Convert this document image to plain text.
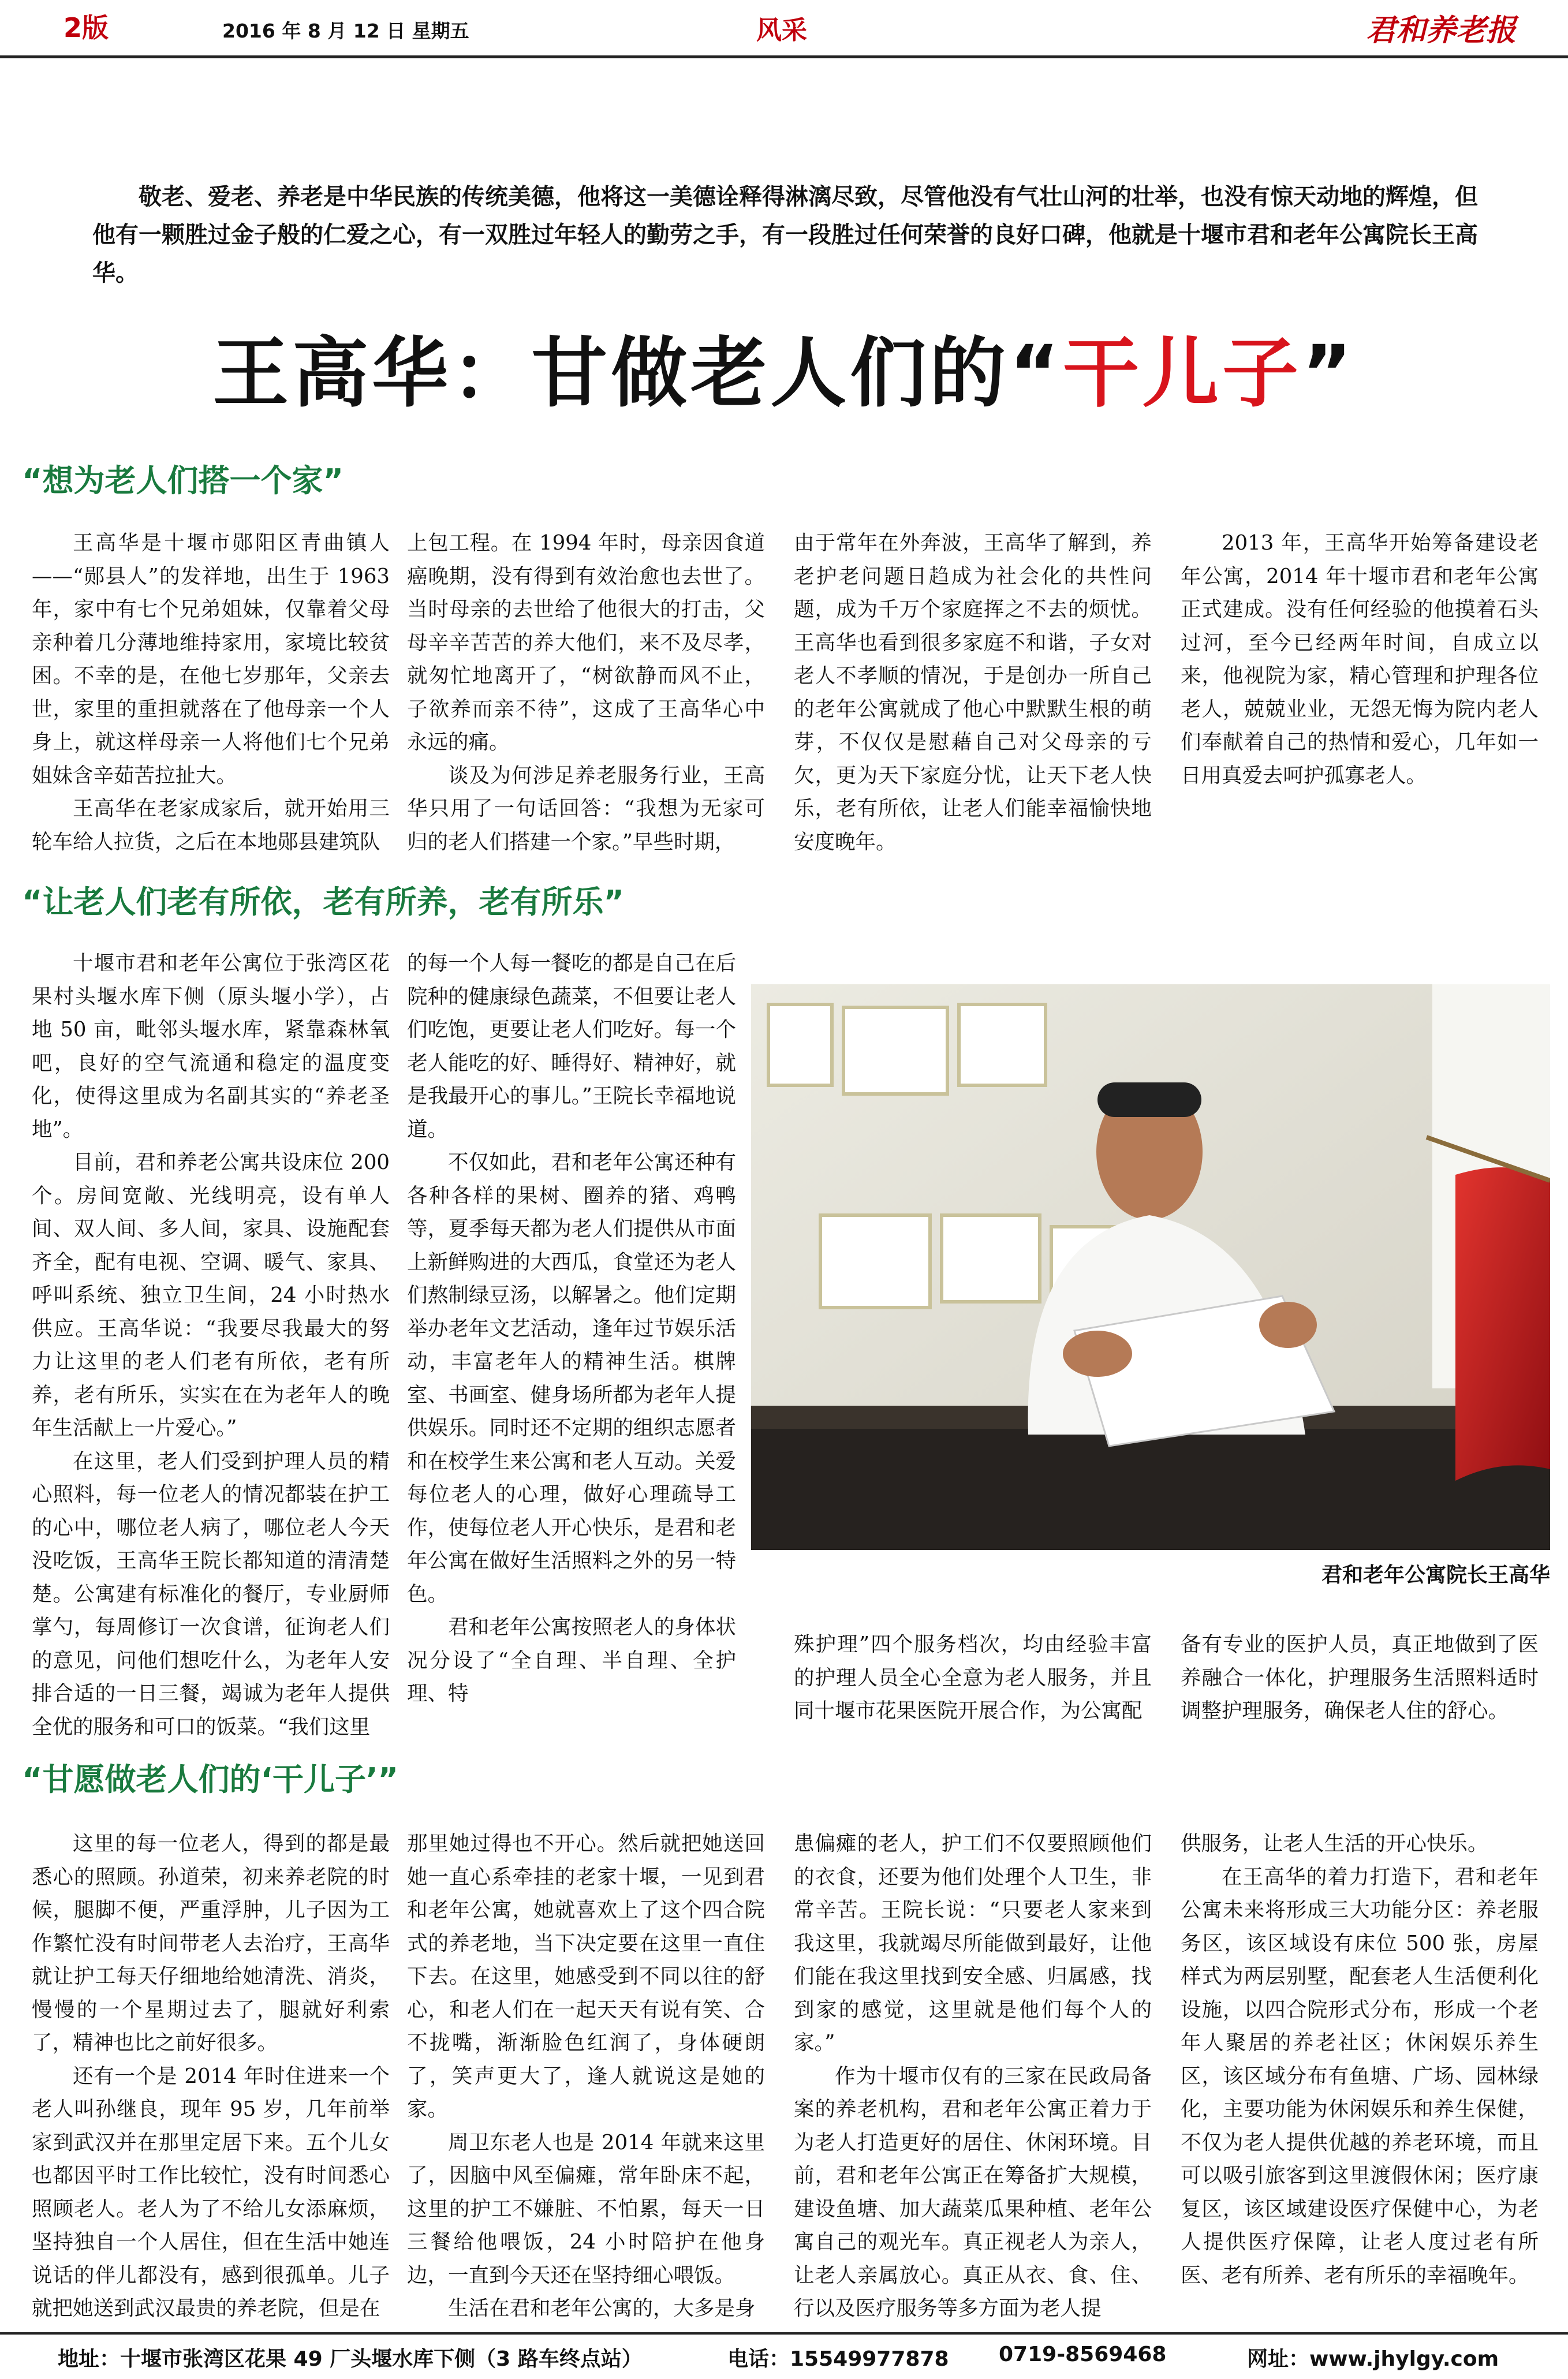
2版	2016 年 8 月 12 日 星期五	风采	君和养老报
敬老、爱老、养老是中华民族的传统美德，他将这一美德诠释得淋漓尽致，尽管他没有气壮山河的壮举，也没有惊天动地的辉煌，但他有一颗胜过金子般的仁爱之心，有一双胜过年轻人的勤劳之手，有一段胜过任何荣誉的良好口碑，他就是十堰市君和老年公寓院长王高华。
王高华：甘做老人们的“干儿子”
“想为老人们搭一个家”

王高华是十堰市郧阳区青曲镇人——“郧县人”的发祥地，出生于 1963 年，家中有七个兄弟姐妹，仅靠着父母亲种着几分薄地维持家用，家境比较贫困。不幸的是，在他七岁那年，父亲去世，家里的重担就落在了他母亲一个人身上，就这样母亲一人将他们七个兄弟姐妹含辛茹苦拉扯大。

王高华在老家成家后，就开始用三轮车给人拉货，之后在本地郧县建筑队

上包工程。在 1994 年时，母亲因食道癌晚期，没有得到有效治愈也去世了。当时母亲的去世给了他很大的打击，父母辛辛苦苦的养大他们，来不及尽孝，就匆忙地离开了，“树欲静而风不止，子欲养而亲不待”，这成了王高华心中永远的痛。

谈及为何涉足养老服务行业，王高华只用了一句话回答：“我想为无家可归的老人们搭建一个家。”早些时期，

由于常年在外奔波，王高华了解到，养老护老问题日趋成为社会化的共性问题，成为千万个家庭挥之不去的烦忧。王高华也看到很多家庭不和谐，子女对老人不孝顺的情况，于是创办一所自己的老年公寓就成了他心中默默生根的萌芽，不仅仅是慰藉自己对父母亲的亏欠，更为天下家庭分忧，让天下老人快乐，老有所依，让老人们能幸福愉快地安度晚年。

2013 年，王高华开始筹备建设老年公寓，2014 年十堰市君和老年公寓正式建成。没有任何经验的他摸着石头过河，至今已经两年时间，自成立以来，他视院为家，精心管理和护理各位老人，兢兢业业，无怨无悔为院内老人们奉献着自己的热情和爱心，几年如一日用真爱去呵护孤寡老人。

“让老人们老有所依，老有所养，老有所乐”

十堰市君和老年公寓位于张湾区花果村头堰水库下侧（原头堰小学），占地 50 亩，毗邻头堰水库，紧靠森林氧吧，良好的空气流通和稳定的温度变化，使得这里成为名副其实的“养老圣地”。

目前，君和养老公寓共设床位 200 个。房间宽敞、光线明亮，设有单人间、双人间、多人间，家具、设施配套齐全，配有电视、空调、暖气、家具、呼叫系统、独立卫生间，24 小时热水供应。王高华说：“我要尽我最大的努力让这里的老人们老有所依，老有所养，老有所乐，实实在在为老年人的晚年生活献上一片爱心。”

在这里，老人们受到护理人员的精心照料，每一位老人的情况都装在护工的心中，哪位老人病了，哪位老人今天没吃饭，王高华王院长都知道的清清楚楚。公寓建有标准化的餐厅，专业厨师掌勺，每周修订一次食谱，征询老人们的意见，问他们想吃什么，为老年人安排合适的一日三餐，竭诚为老年人提供全优的服务和可口的饭菜。“我们这里

的每一个人每一餐吃的都是自己在后院种的健康绿色蔬菜，不但要让老人们吃饱，更要让老人们吃好。每一个老人能吃的好、睡得好、精神好，就是我最开心的事儿。”王院长幸福地说道。

不仅如此，君和老年公寓还种有各种各样的果树、圈养的猪、鸡鸭等，夏季每天都为老人们提供从市面上新鲜购进的大西瓜，食堂还为老人们熬制绿豆汤，以解暑之。他们定期举办老年文艺活动，逢年过节娱乐活动，丰富老年人的精神生活。棋牌室、书画室、健身场所都为老年人提供娱乐。同时还不定期的组织志愿者和在校学生来公寓和老人互动。关爱每位老人的心理，做好心理疏导工作，使每位老人开心快乐，是君和老年公寓在做好生活照料之外的另一特色。

君和老年公寓按照老人的身体状况分设了“全自理、半自理、全护理、特

君和老年公寓院长王高华

殊护理”四个服务档次，均由经验丰富的护理人员全心全意为老人服务，并且同十堰市花果医院开展合作，为公寓配

备有专业的医护人员，真正地做到了医养融合一体化，护理服务生活照料适时调整护理服务，确保老人住的舒心。

“甘愿做老人们的‘干儿子’”

这里的每一位老人，得到的都是最悉心的照顾。孙道荣，初来养老院的时候，腿脚不便，严重浮肿，儿子因为工作繁忙没有时间带老人去治疗，王高华就让护工每天仔细地给她清洗、消炎，慢慢的一个星期过去了，腿就好利索了，精神也比之前好很多。

还有一个是 2014 年时住进来一个老人叫孙继良，现年 95 岁，几年前举家到武汉并在那里定居下来。五个儿女也都因平时工作比较忙，没有时间悉心照顾老人。老人为了不给儿女添麻烦，坚持独自一个人居住，但在生活中她连说话的伴儿都没有，感到很孤单。儿子就把她送到武汉最贵的养老院，但是在

那里她过得也不开心。然后就把她送回她一直心系牵挂的老家十堰，一见到君和老年公寓，她就喜欢上了这个四合院式的养老地，当下决定要在这里一直住下去。在这里，她感受到不同以往的舒心，和老人们在一起天天有说有笑、合不拢嘴，渐渐脸色红润了，身体硬朗了，笑声更大了，逢人就说这是她的家。

周卫东老人也是 2014 年就来这里了，因脑中风至偏瘫，常年卧床不起，这里的护工不嫌脏、不怕累，每天一日三餐给他喂饭，24 小时陪护在他身边，一直到今天还在坚持细心喂饭。

生活在君和老年公寓的，大多是身

患偏瘫的老人，护工们不仅要照顾他们的衣食，还要为他们处理个人卫生，非常辛苦。王院长说：“只要老人家来到我这里，我就竭尽所能做到最好，让他们能在我这里找到安全感、归属感，找到家的感觉，这里就是他们每个人的家。”

作为十堰市仅有的三家在民政局备案的养老机构，君和老年公寓正着力于为老人打造更好的居住、休闲环境。目前，君和老年公寓正在筹备扩大规模，建设鱼塘、加大蔬菜瓜果种植、老年公寓自己的观光车。真正视老人为亲人，让老人亲属放心。真正从衣、食、住、行以及医疗服务等多方面为老人提

供服务，让老人生活的开心快乐。

在王高华的着力打造下，君和老年公寓未来将形成三大功能分区：养老服务区，该区域设有床位 500 张，房屋样式为两层别墅，配套老人生活便利化设施，以四合院形式分布，形成一个老年人聚居的养老社区；休闲娱乐养生区，该区域分布有鱼塘、广场、园林绿化，主要功能为休闲娱乐和养生保健，不仅为老人提供优越的养老环境，而且可以吸引旅客到这里渡假休闲；医疗康复区，该区域建设医疗保健中心，为老人提供医疗保障，让老人度过老有所医、老有所养、老有所乐的幸福晚年。

地址：十堰市张湾区花果 49 厂头堰水库下侧（3 路车终点站）	电话：15549977878 0719-8569468	网址：www.jhylgy.com
